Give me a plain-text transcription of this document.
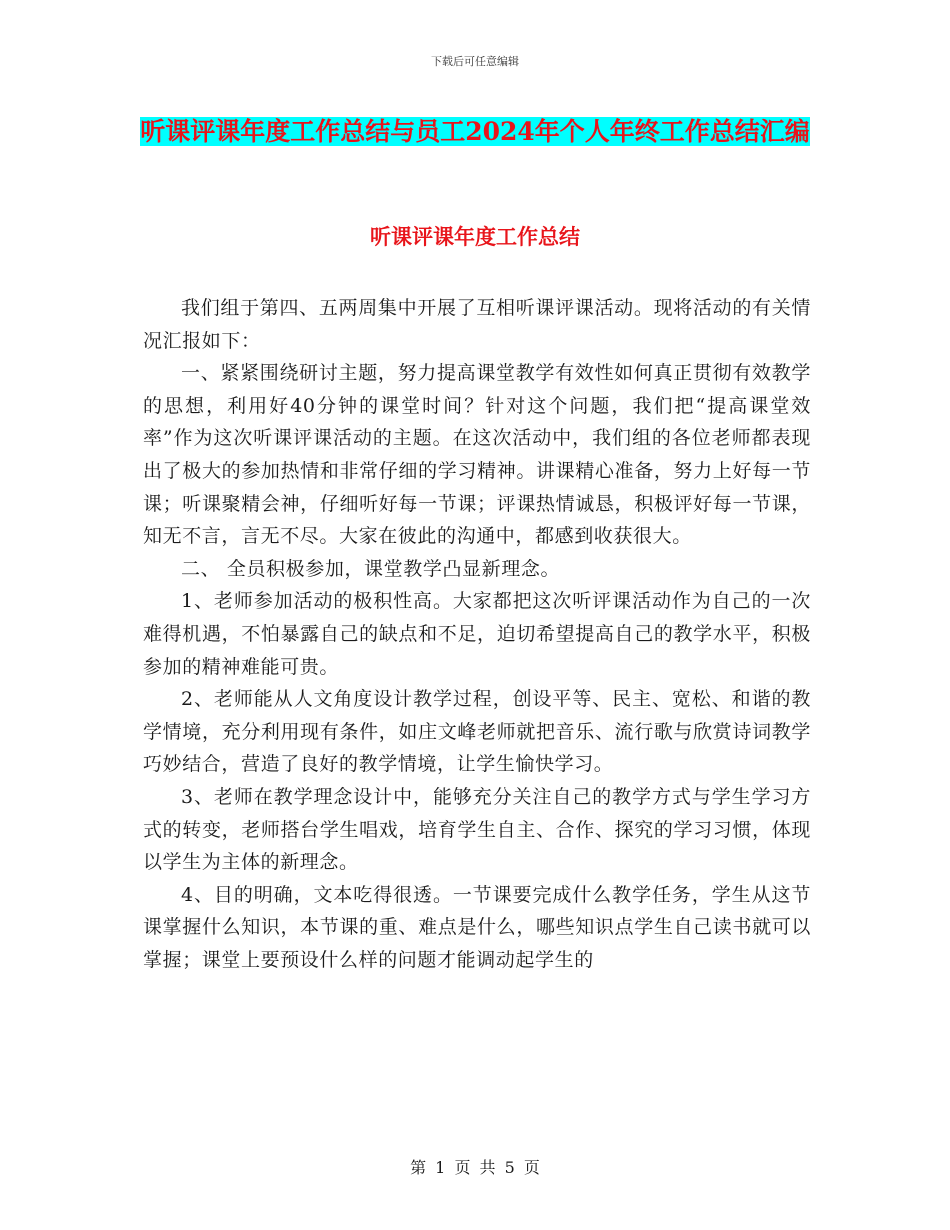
下载后可任意编辑
听课评课年度工作总结与员工2024年个人年终工作总结汇编
听课评课年度工作总结

我们组于第四、五两周集中开展了互相听课评课活动。现将活动的有关情况汇报如下：

一、紧紧围绕研讨主题，努力提高课堂教学有效性如何真正贯彻有效教学的思想，利用好40分钟的课堂时间？针对这个问题，我们把“提高课堂效率”作为这次听课评课活动的主题。在这次活动中，我们组的各位老师都表现出了极大的参加热情和非常仔细的学习精神。讲课精心准备，努力上好每一节课；听课聚精会神，仔细听好每一节课；评课热情诚恳，积极评好每一节课，知无不言，言无不尽。大家在彼此的沟通中，都感到收获很大。

二、 全员积极参加，课堂教学凸显新理念。

1、老师参加活动的极积性高。大家都把这次听评课活动作为自己的一次难得机遇，不怕暴露自己的缺点和不足，迫切希望提高自己的教学水平，积极参加的精神难能可贵。

2、老师能从人文角度设计教学过程，创设平等、民主、宽松、和谐的教学情境，充分利用现有条件，如庄文峰老师就把音乐、流行歌与欣赏诗词教学巧妙结合，营造了良好的教学情境，让学生愉快学习。

3、老师在教学理念设计中，能够充分关注自己的教学方式与学生学习方式的转变，老师搭台学生唱戏，培育学生自主、合作、探究的学习习惯，体现以学生为主体的新理念。

4、目的明确，文本吃得很透。一节课要完成什么教学任务，学生从这节课掌握什么知识，本节课的重、难点是什么，哪些知识点学生自己读书就可以掌握；课堂上要预设什么样的问题才能调动起学生的

第 1 页 共 5 页
